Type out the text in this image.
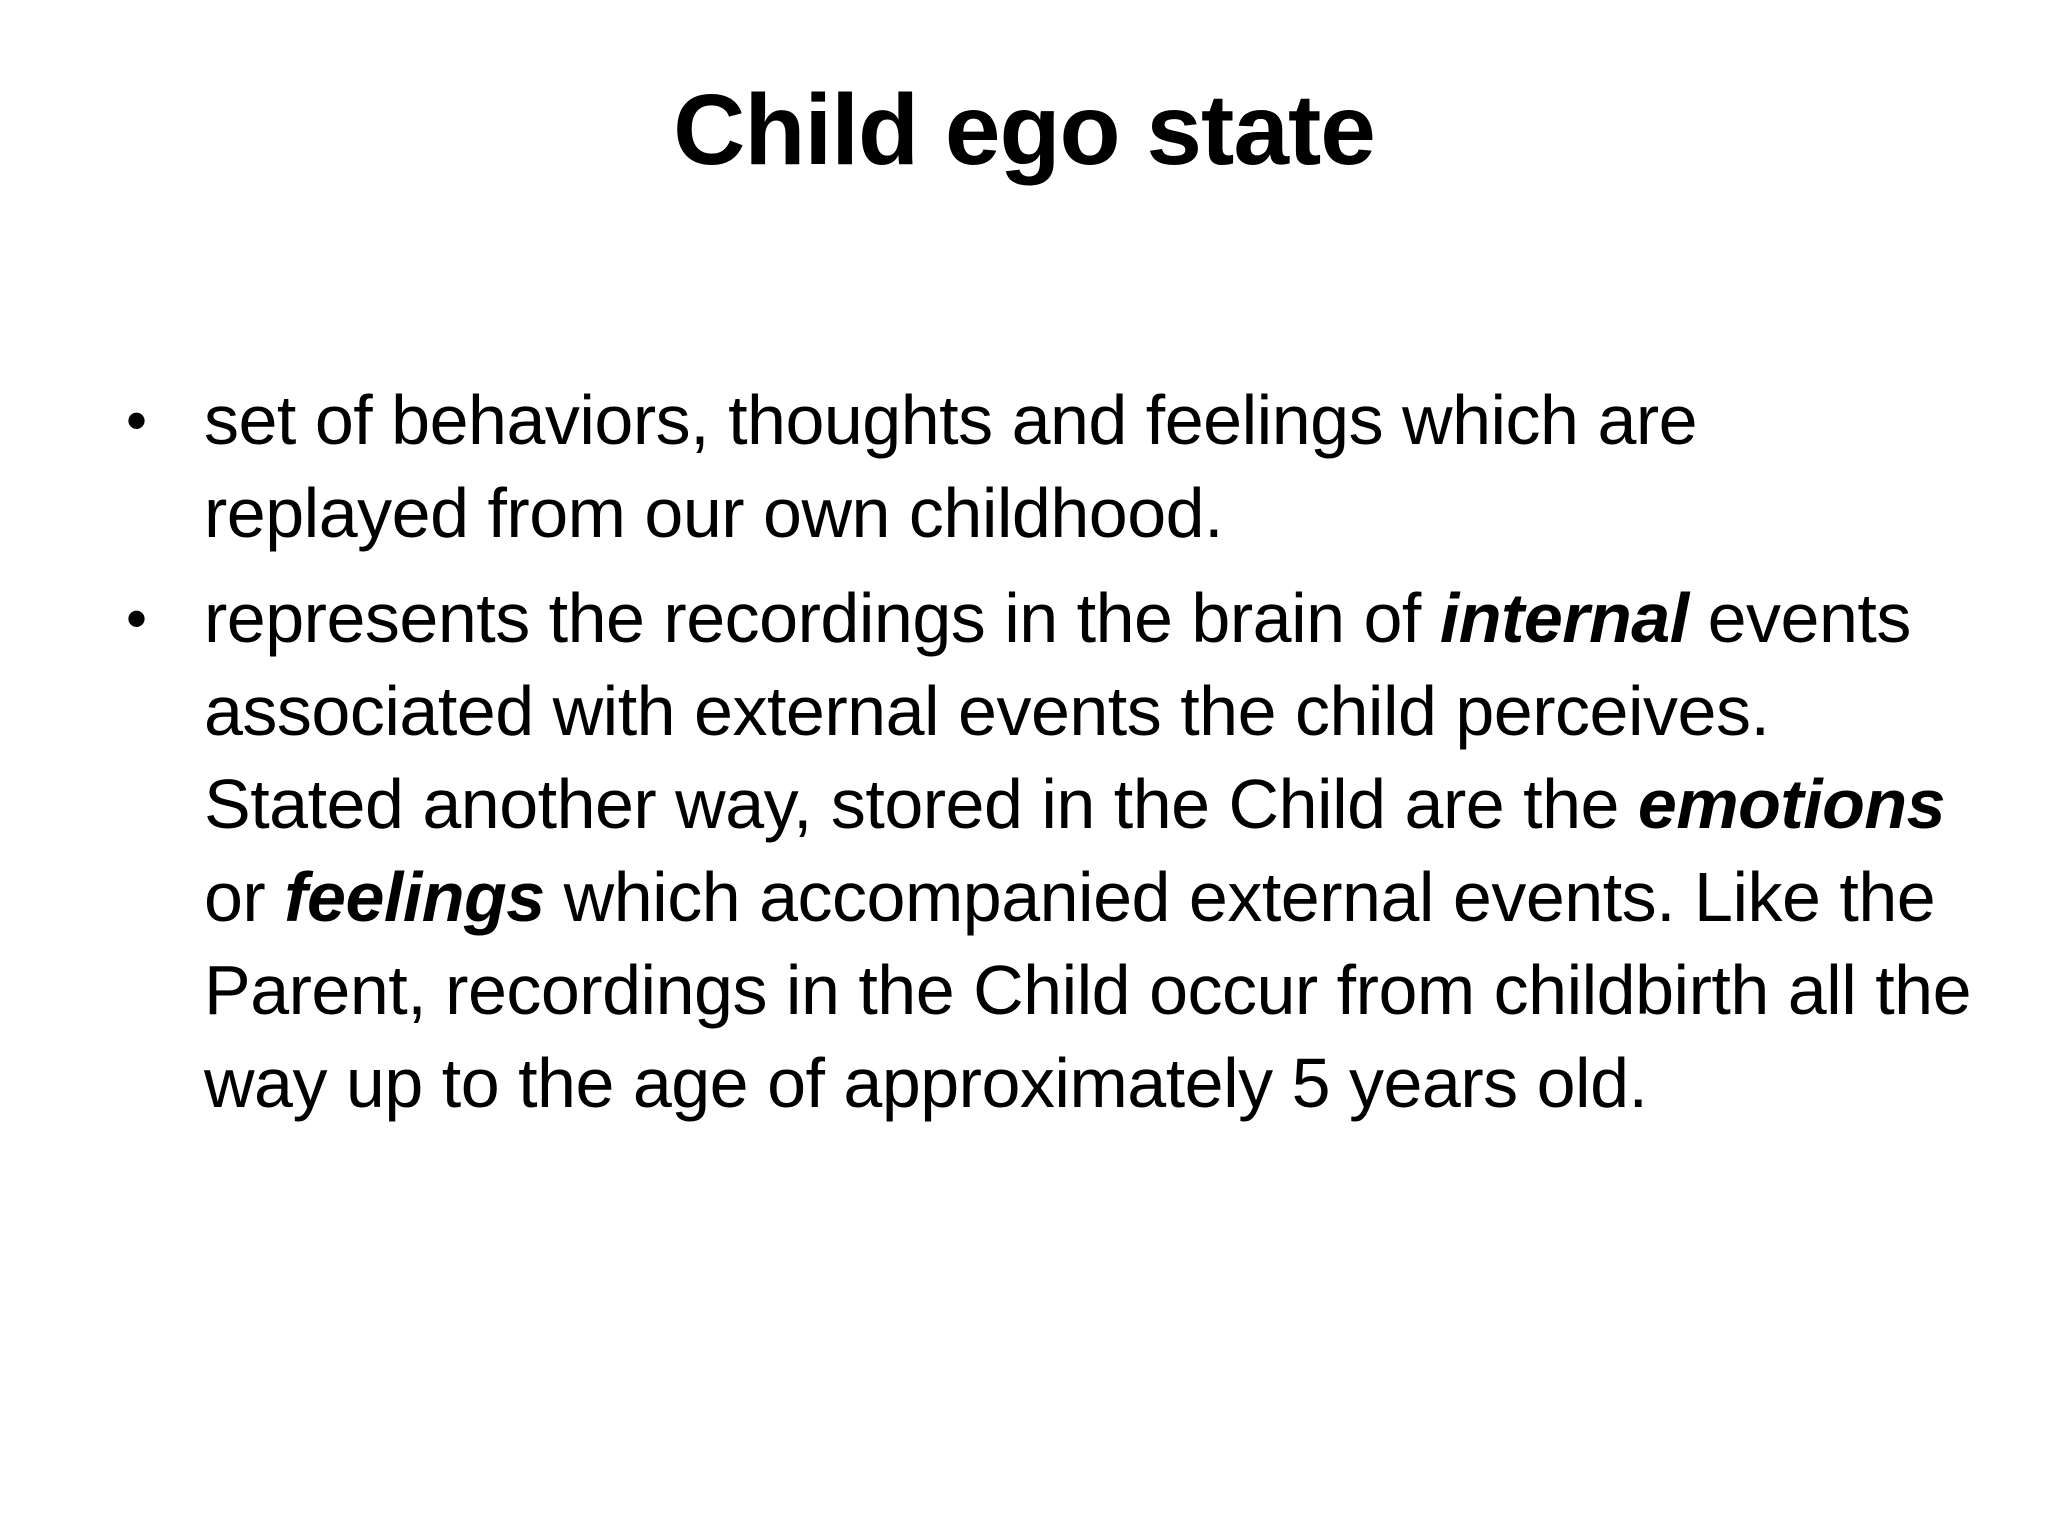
Child ego state
• set of behaviors, thoughts and feelings which are replayed from our own childhood.
• represents the recordings in the brain of internal events associated with external events the child perceives. Stated another way, stored in the Child are the emotions or feelings which accompanied external events. Like the Parent, recordings in the Child occur from childbirth all the way up to the age of approximately 5 years old.
